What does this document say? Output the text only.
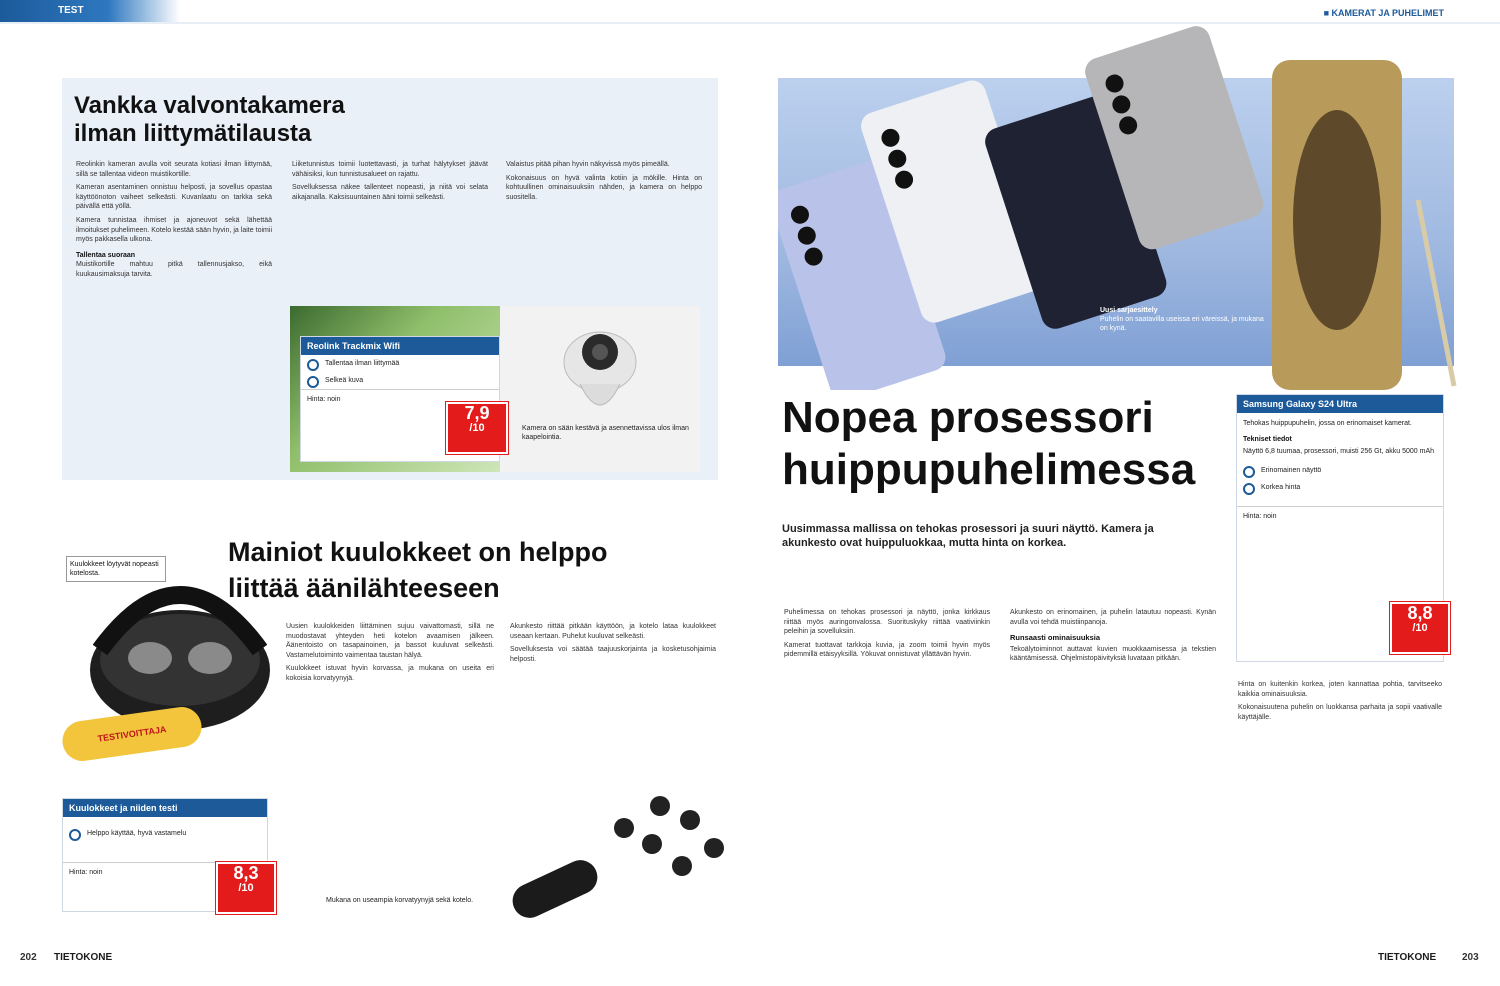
TEST
■	KAMERAT JA PUHELIMET
Vankka valvontakamera
ilman liittymätilausta

Reolinkin kameran avulla voit seurata kotiasi ilman liittymää, sillä se tallentaa videon muistikortille.

Kameran asentaminen onnistuu helposti, ja sovellus opastaa käyttöönoton vaiheet selkeästi. Kuvanlaatu on tarkka sekä päivällä että yöllä.

Kamera tunnistaa ihmiset ja ajoneuvot sekä lähettää ilmoitukset puhelimeen. Kotelo kestää sään hyvin, ja laite toimii myös pakkasella ulkona.

Tallentaa suoraan

Muistikortille mahtuu pitkä tallennusjakso, eikä kuukausimaksuja tarvita.

Liiketunnistus toimii luotettavasti, ja turhat hälytykset jäävät vähäisiksi, kun tunnistusalueet on rajattu.

Sovelluksessa näkee tallenteet nopeasti, ja niitä voi selata aikajanalla. Kaksisuuntainen ääni toimii selkeästi.

Valaistus pitää pihan hyvin näkyvissä myös pimeällä.

Kokonaisuus on hyvä valinta kotiin ja mökille. Hinta on kohtuullinen ominaisuuksiin nähden, ja kamera on helppo suositella.

Reolink Trackmix Wifi
Tallentaa ilman liittymää
Selkeä kuva
Hinta: noin
7,9
/10	Kamera on sään kestävä ja asennettavissa ulos ilman kaapelointia.
Mainiot kuulokkeet on helppo
liittää äänilähteeseen
Kuulokkeet löytyvät nopeasti kotelosta.
TESTIVOITTAJA
Kuulokkeet ja niiden testi
Helppo käyttää, hyvä vastamelu
Hinta: noin	8,3
/10

Uusien kuulokkeiden liittäminen sujuu vaivattomasti, sillä ne muodostavat yhteyden heti kotelon avaamisen jälkeen. Äänentoisto on tasapainoinen, ja bassot kuuluvat selkeästi. Vastamelutoiminto vaimentaa taustan hälyä.

Kuulokkeet istuvat hyvin korvassa, ja mukana on useita eri kokoisia korvatyynyjä.

Akunkesto riittää pitkään käyttöön, ja kotelo lataa kuulokkeet useaan kertaan. Puhelut kuuluvat selkeästi.

Sovelluksesta voi säätää taajuuskorjainta ja kosketusohjaimia helposti.

Mukana on useampia korvatyynyjä sekä kotelo.
Uusi sarjaesittely
Puhelin on saatavilla useissa eri väreissä, ja mukana on kynä.
Nopea prosessori
huippupuhelimessa
Uusimmassa mallissa on tehokas prosessori ja suuri näyttö. Kamera ja akunkesto ovat huippuluokkaa, mutta hinta on korkea.

Puhelimessa on tehokas prosessori ja näyttö, jonka kirkkaus riittää myös auringonvalossa. Suorituskyky riittää vaativiinkin peleihin ja sovelluksiin.

Kamerat tuottavat tarkkoja kuvia, ja zoom toimii hyvin myös pidemmillä etäisyyksillä. Yökuvat onnistuvat yllättävän hyvin.

Akunkesto on erinomainen, ja puhelin latautuu nopeasti. Kynän avulla voi tehdä muistiinpanoja.

Runsaasti ominaisuuksia

Tekoälytoiminnot auttavat kuvien muokkaamisessa ja tekstien kääntämisessä. Ohjelmistopäivityksiä luvataan pitkään.

Hinta on kuitenkin korkea, joten kannattaa pohtia, tarvitseeko kaikkia ominaisuuksia.

Kokonaisuutena puhelin on luokkansa parhaita ja sopii vaativalle käyttäjälle.

Samsung Galaxy S24 Ultra
Tehokas huippupuhelin, jossa on erinomaiset kamerat.
Tekniset tiedot
Näyttö 6,8 tuumaa, prosessori, muisti 256 Gt, akku 5000 mAh
Erinomainen näyttö
Korkea hinta
Hinta: noin
8,8
/10
202 TIETOKONE	TIETOKONE	203
